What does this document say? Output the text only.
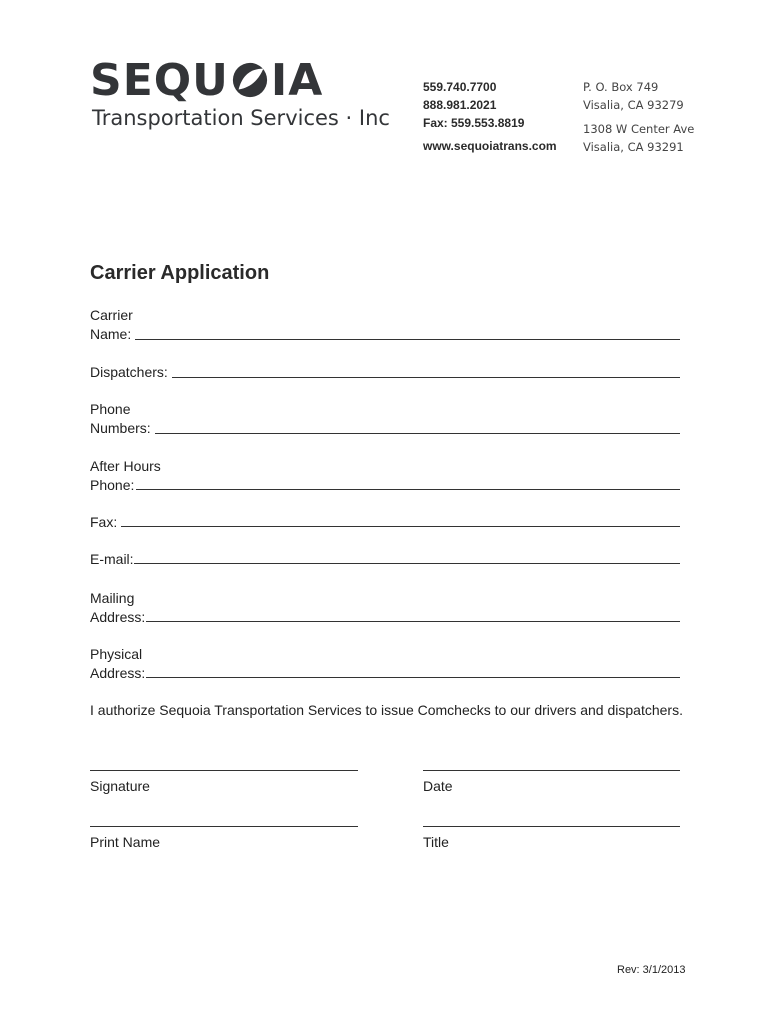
SEQU IA
Transportation Services · Inc
559.740.7700
888.981.2021
Fax: 559.553.8819
www.sequoiatrans.com
P. O. Box 749
Visalia, CA 93279
1308 W Center Ave
Visalia, CA 93291
Carrier Application
Carrier
Name:
Dispatchers:
Phone
Numbers:
After Hours
Phone:
Fax:
E-mail:
Mailing
Address:
Physical
Address:
I authorize Sequoia Transportation Services to issue Comchecks to our drivers and dispatchers.
Signature	Date
Print Name	Title
Rev: 3/1/2013
